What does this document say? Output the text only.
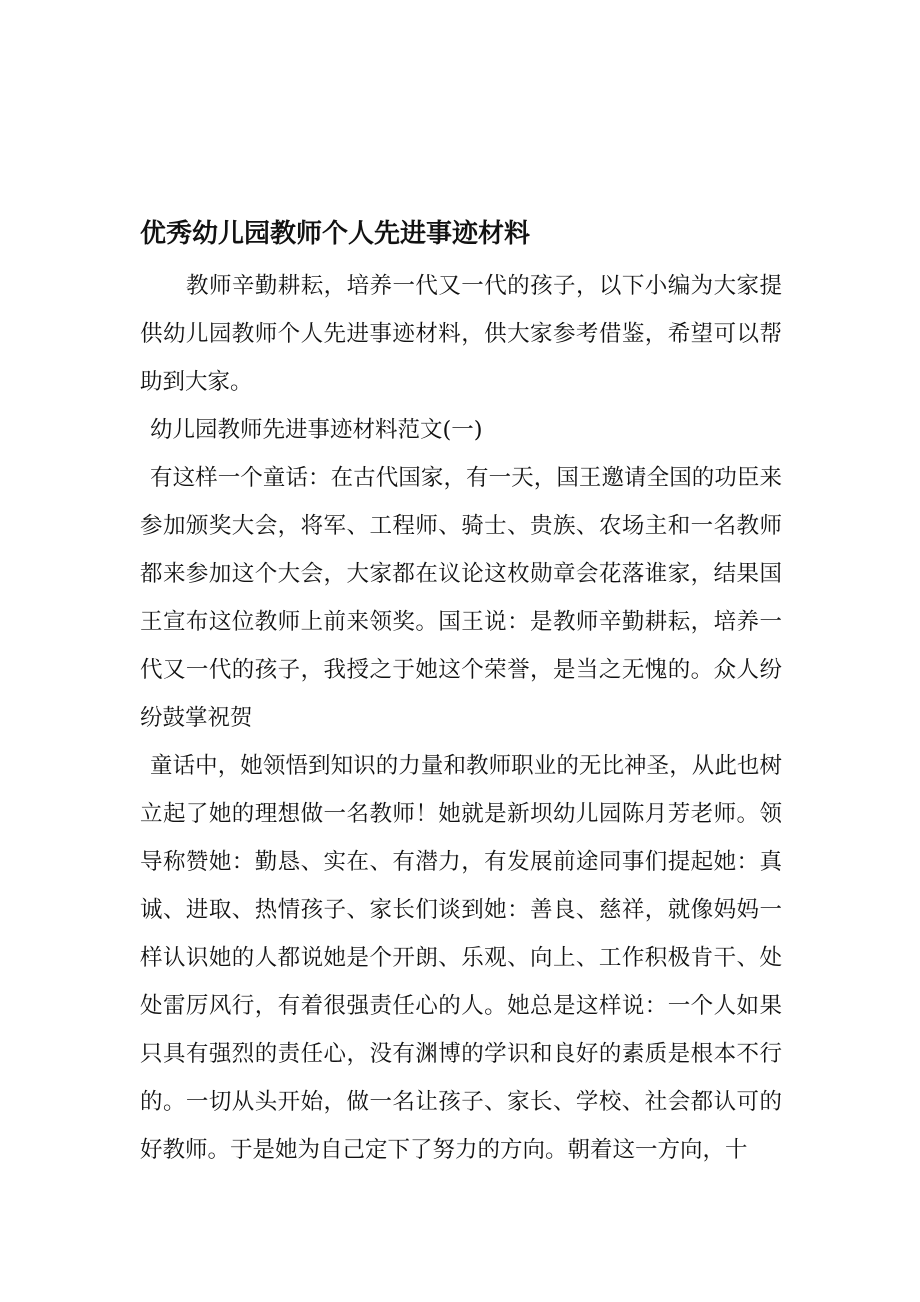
优秀幼儿园教师个人先进事迹材料

教师辛勤耕耘，培养一代又一代的孩子，以下小编为大家提供幼儿园教师个人先进事迹材料，供大家参考借鉴，希望可以帮助到大家。

幼儿园教师先进事迹材料范文(一)

有这样一个童话：在古代国家，有一天，国王邀请全国的功臣来参加颁奖大会，将军、工程师、骑士、贵族、农场主和一名教师都来参加这个大会，大家都在议论这枚勋章会花落谁家，结果国王宣布这位教师上前来领奖。国王说：是教师辛勤耕耘，培养一代又一代的孩子，我授之于她这个荣誉，是当之无愧的。众人纷纷鼓掌祝贺

童话中，她领悟到知识的力量和教师职业的无比神圣，从此也树立起了她的理想做一名教师！她就是新坝幼儿园陈月芳老师。领导称赞她：勤恳、实在、有潜力，有发展前途同事们提起她：真诚、进取、热情孩子、家长们谈到她：善良、慈祥，就像妈妈一样认识她的人都说她是个开朗、乐观、向上、工作积极肯干、处处雷厉风行，有着很强责任心的人。她总是这样说：一个人如果只具有强烈的责任心，没有渊博的学识和良好的素质是根本不行的。一切从头开始，做一名让孩子、家长、学校、社会都认可的好教师。于是她为自己定下了努力的方向。朝着这一方向，十
